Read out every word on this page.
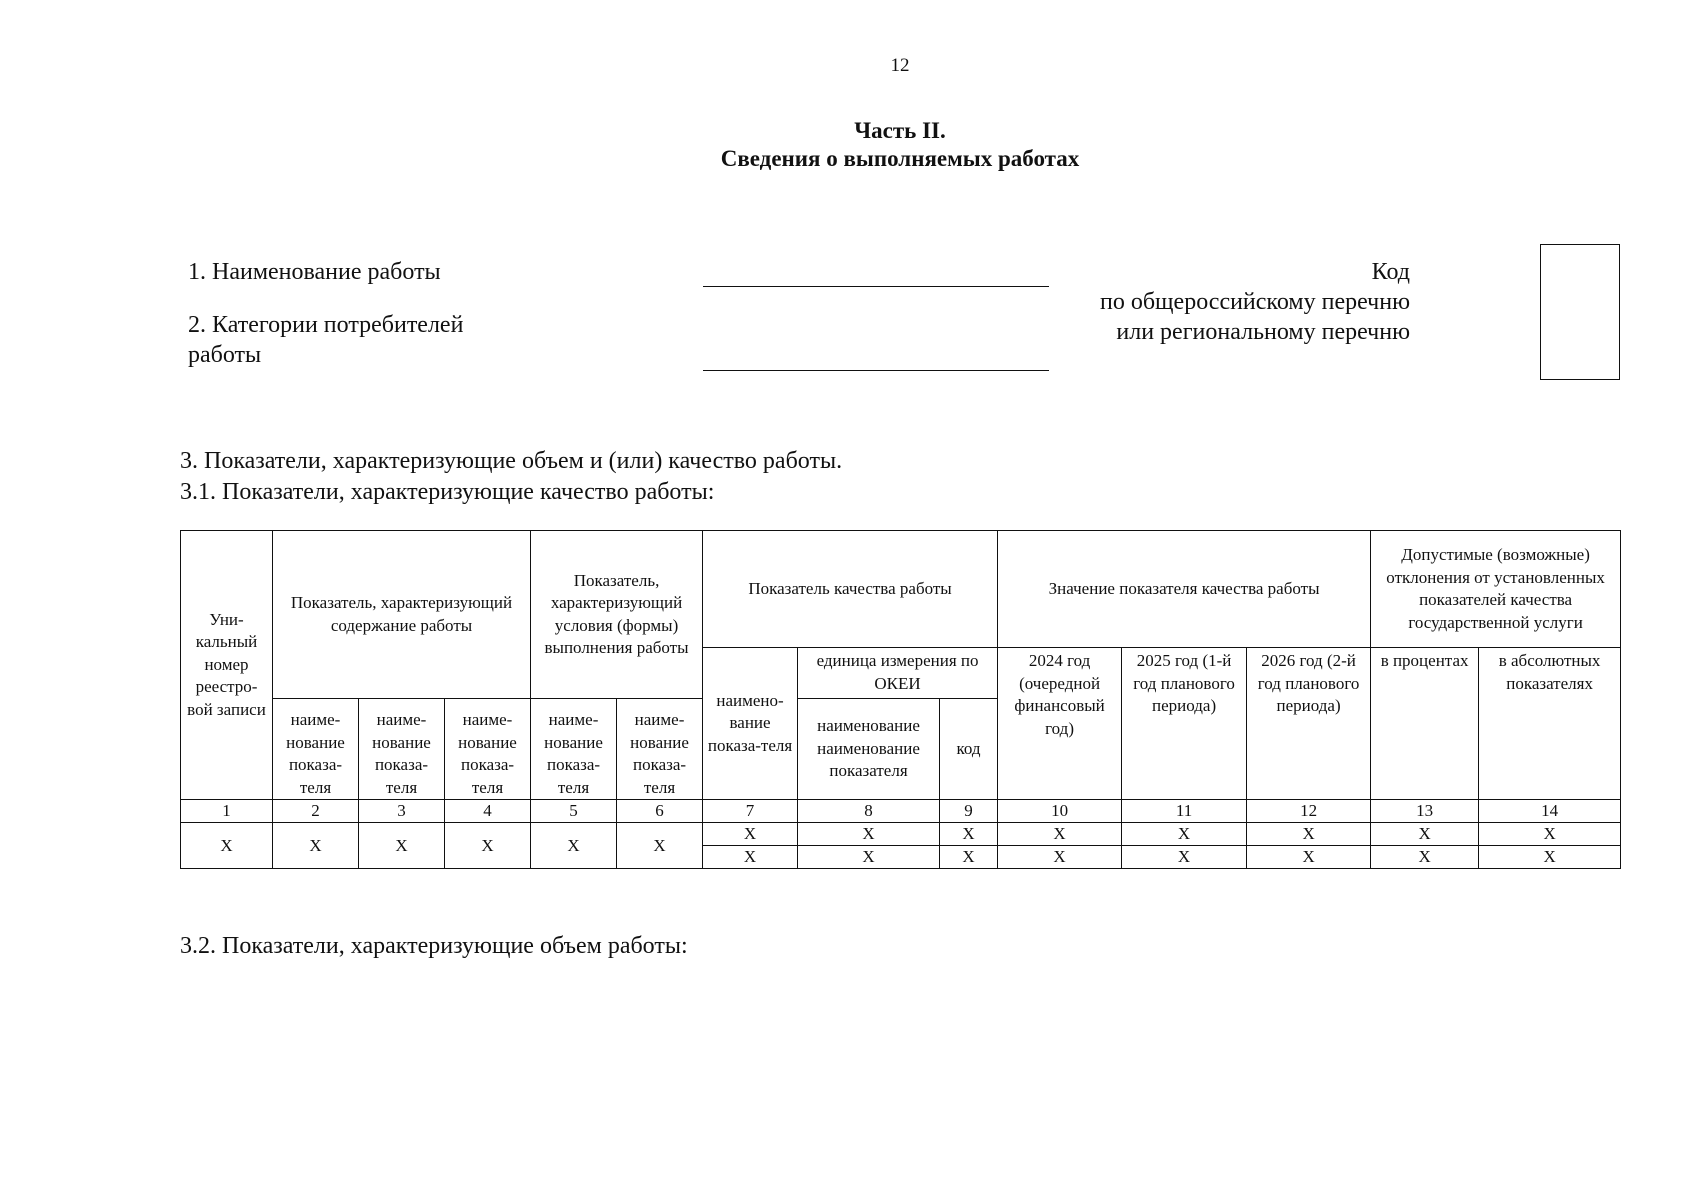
12
Часть II.
Сведения о выполняемых работах
1. Наименование работы
2. Категории потребителей
работы
Код
по общероссийскому перечню
или региональному перечню
3. Показатели, характеризующие объем и (или) качество работы.
3.1. Показатели, характеризующие качество работы:
Уни-кальный номер реестро-вой записи	Показатель, характеризующий содержание работы			Показатель, характеризующий условия (формы) выполнения работы		Показатель качества работы			Значение показателя качества работы			Допустимые (возможные) отклонения от установленных показателей качества государственной услуги	
						наимено-вание показа-теля	единица измерения по ОКЕИ		2024 год (очередной финансовый год)	2025 год (1-й год планового периода)	2026 год (2-й год планового периода)	в процентах	в абсолютных показателях
							наименование наименование показателя	код					
	наиме-нование показа-теля	наиме-нование показа-теля	наиме-нование показа-теля	наиме-нование показа-теля	наиме-нование показа-теля								
1	2	3	4	5	6	7	8	9	10	11	12	13	14
X	X	X	X	X	X	X	X	X	X	X	X	X	X
						X	X	X	X	X	X	X	X
3.2. Показатели, характеризующие объем работы:
